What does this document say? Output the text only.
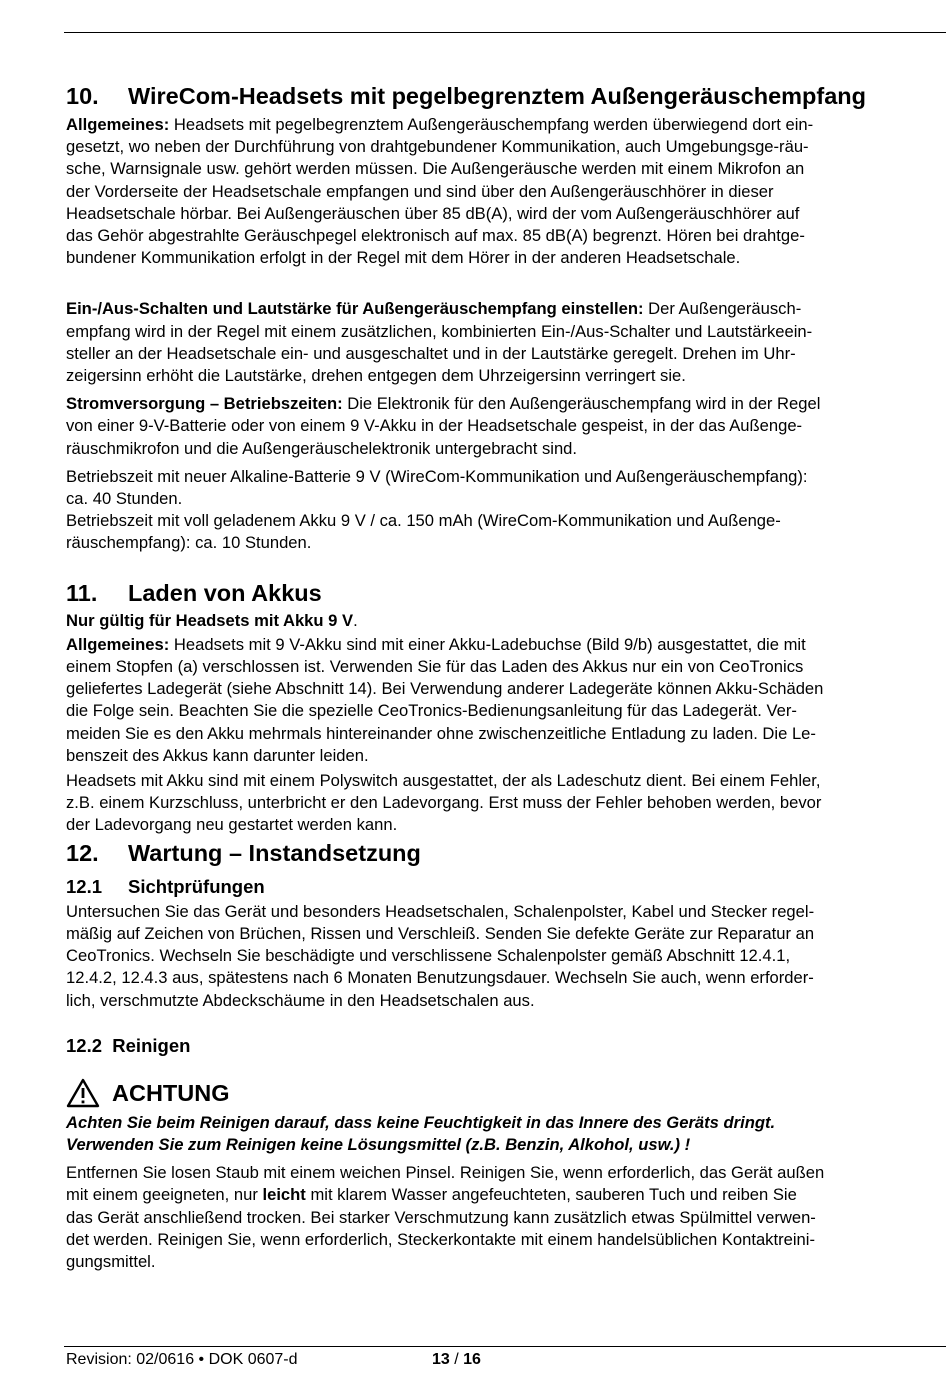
10. WireCom-Headsets mit pegelbegrenztem Außengeräuschempfang

Allgemeines: Headsets mit pegelbegrenztem Außengeräuschempfang werden überwiegend dort ein-
gesetzt, wo neben der Durchführung von drahtgebundener Kommunikation, auch Umgebungsge-räu-
sche, Warnsignale usw. gehört werden müssen. Die Außengeräusche werden mit einem Mikrofon an
der Vorderseite der Headsetschale empfangen und sind über den Außengeräuschhörer in dieser
Headsetschale hörbar. Bei Außengeräuschen über 85 dB(A), wird der vom Außengeräuschhörer auf
das Gehör abgestrahlte Geräuschpegel elektronisch auf max. 85 dB(A) begrenzt. Hören bei drahtge-
bundener Kommunikation erfolgt in der Regel mit dem Hörer in der anderen Headsetschale.

Ein-/Aus-Schalten und Lautstärke für Außengeräuschempfang einstellen: Der Außengeräusch-
empfang wird in der Regel mit einem zusätzlichen, kombinierten Ein-/Aus-Schalter und Lautstärkeein-
steller an der Headsetschale ein- und ausgeschaltet und in der Lautstärke geregelt. Drehen im Uhr-
zeigersinn erhöht die Lautstärke, drehen entgegen dem Uhrzeigersinn verringert sie.

Stromversorgung – Betriebszeiten: Die Elektronik für den Außengeräuschempfang wird in der Regel
von einer 9-V-Batterie oder von einem 9 V-Akku in der Headsetschale gespeist, in der das Außenge-
räuschmikrofon und die Außengeräuschelektronik untergebracht sind.

Betriebszeit mit neuer Alkaline-Batterie 9 V (WireCom-Kommunikation und Außengeräuschempfang):
ca. 40 Stunden.
Betriebszeit mit voll geladenem Akku 9 V / ca. 150 mAh (WireCom-Kommunikation und Außenge-
räuschempfang): ca. 10 Stunden.

11. Laden von Akkus

Nur gültig für Headsets mit Akku 9 V.

Allgemeines: Headsets mit 9 V-Akku sind mit einer Akku-Ladebuchse (Bild 9/b) ausgestattet, die mit
einem Stopfen (a) verschlossen ist. Verwenden Sie für das Laden des Akkus nur ein von CeoTronics
geliefertes Ladegerät (siehe Abschnitt 14). Bei Verwendung anderer Ladegeräte können Akku-Schäden
die Folge sein. Beachten Sie die spezielle CeoTronics-Bedienungsanleitung für das Ladegerät. Ver-
meiden Sie es den Akku mehrmals hintereinander ohne zwischenzeitliche Entladung zu laden. Die Le-
benszeit des Akkus kann darunter leiden.

Headsets mit Akku sind mit einem Polyswitch ausgestattet, der als Ladeschutz dient. Bei einem Fehler,
z.B. einem Kurzschluss, unterbricht er den Ladevorgang. Erst muss der Fehler behoben werden, bevor
der Ladevorgang neu gestartet werden kann.

12. Wartung – Instandsetzung
12.1 Sichtprüfungen

Untersuchen Sie das Gerät und besonders Headsetschalen, Schalenpolster, Kabel und Stecker regel-
mäßig auf Zeichen von Brüchen, Rissen und Verschleiß. Senden Sie defekte Geräte zur Reparatur an
CeoTronics. Wechseln Sie beschädigte und verschlissene Schalenpolster gemäß Abschnitt 12.4.1,
12.4.2, 12.4.3 aus, spätestens nach 6 Monaten Benutzungsdauer. Wechseln Sie auch, wenn erforder-
lich, verschmutzte Abdeckschäume in den Headsetschalen aus.

12.2  Reinigen
ACHTUNG

Achten Sie beim Reinigen darauf, dass keine Feuchtigkeit in das Innere des Geräts dringt.
Verwenden Sie zum Reinigen keine Lösungsmittel (z.B. Benzin, Alkohol, usw.) !

Entfernen Sie losen Staub mit einem weichen Pinsel. Reinigen Sie, wenn erforderlich, das Gerät außen
mit einem geeigneten, nur leicht mit klarem Wasser angefeuchteten, sauberen Tuch und reiben Sie
das Gerät anschließend trocken. Bei starker Verschmutzung kann zusätzlich etwas Spülmittel verwen-
det werden. Reinigen Sie, wenn erforderlich, Steckerkontakte mit einem handelsüblichen Kontaktreini-
gungsmittel.

Revision: 02/0616 • DOK 0607-d	13 / 16
